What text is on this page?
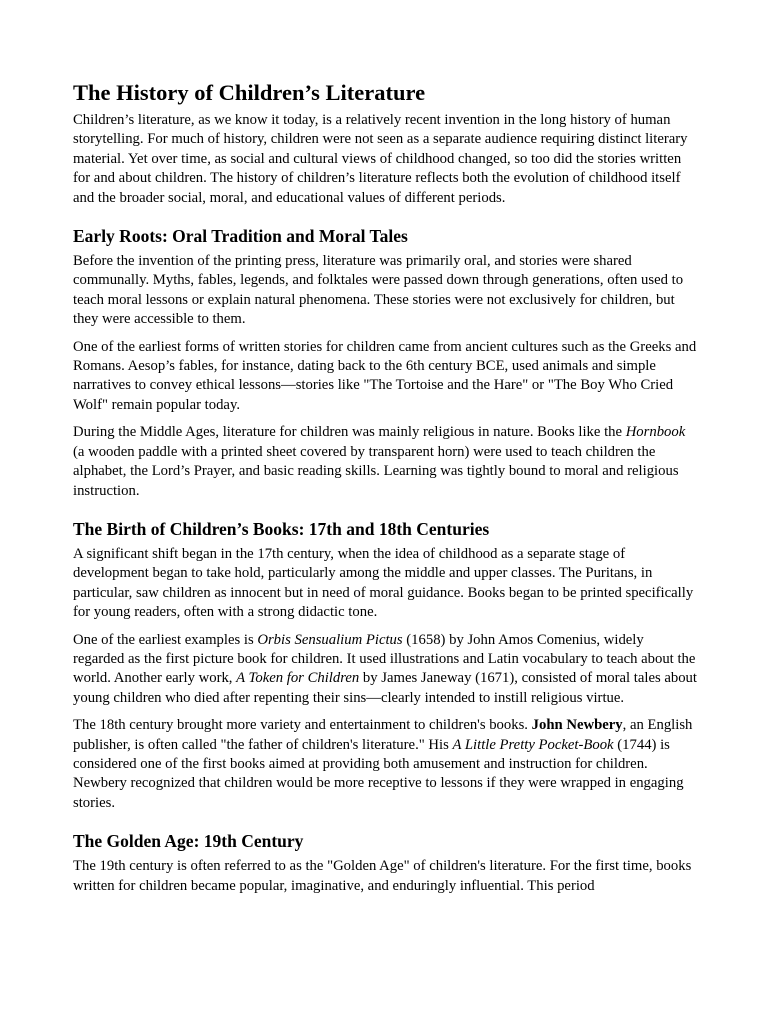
The History of Children’s Literature

Children’s literature, as we know it today, is a relatively recent invention in the long history of human storytelling. For much of history, children were not seen as a separate audience requiring distinct literary material. Yet over time, as social and cultural views of childhood changed, so too did the stories written for and about children. The history of children’s literature reflects both the evolution of childhood itself and the broader social, moral, and educational values of different periods.

Early Roots: Oral Tradition and Moral Tales

Before the invention of the printing press, literature was primarily oral, and stories were shared communally. Myths, fables, legends, and folktales were passed down through generations, often used to teach moral lessons or explain natural phenomena. These stories were not exclusively for children, but they were accessible to them.

One of the earliest forms of written stories for children came from ancient cultures such as the Greeks and Romans. Aesop’s fables, for instance, dating back to the 6th century BCE, used animals and simple narratives to convey ethical lessons—stories like "The Tortoise and the Hare" or "The Boy Who Cried Wolf" remain popular today.

During the Middle Ages, literature for children was mainly religious in nature. Books like the Hornbook (a wooden paddle with a printed sheet covered by transparent horn) were used to teach children the alphabet, the Lord’s Prayer, and basic reading skills. Learning was tightly bound to moral and religious instruction.

The Birth of Children’s Books: 17th and 18th Centuries

A significant shift began in the 17th century, when the idea of childhood as a separate stage of development began to take hold, particularly among the middle and upper classes. The Puritans, in particular, saw children as innocent but in need of moral guidance. Books began to be printed specifically for young readers, often with a strong didactic tone.

One of the earliest examples is Orbis Sensualium Pictus (1658) by John Amos Comenius, widely regarded as the first picture book for children. It used illustrations and Latin vocabulary to teach about the world. Another early work, A Token for Children by James Janeway (1671), consisted of moral tales about young children who died after repenting their sins—clearly intended to instill religious virtue.

The 18th century brought more variety and entertainment to children's books. John Newbery, an English publisher, is often called "the father of children's literature." His A Little Pretty Pocket-Book (1744) is considered one of the first books aimed at providing both amusement and instruction for children. Newbery recognized that children would be more receptive to lessons if they were wrapped in engaging stories.

The Golden Age: 19th Century

The 19th century is often referred to as the "Golden Age" of children's literature. For the first time, books written for children became popular, imaginative, and enduringly influential. This period
